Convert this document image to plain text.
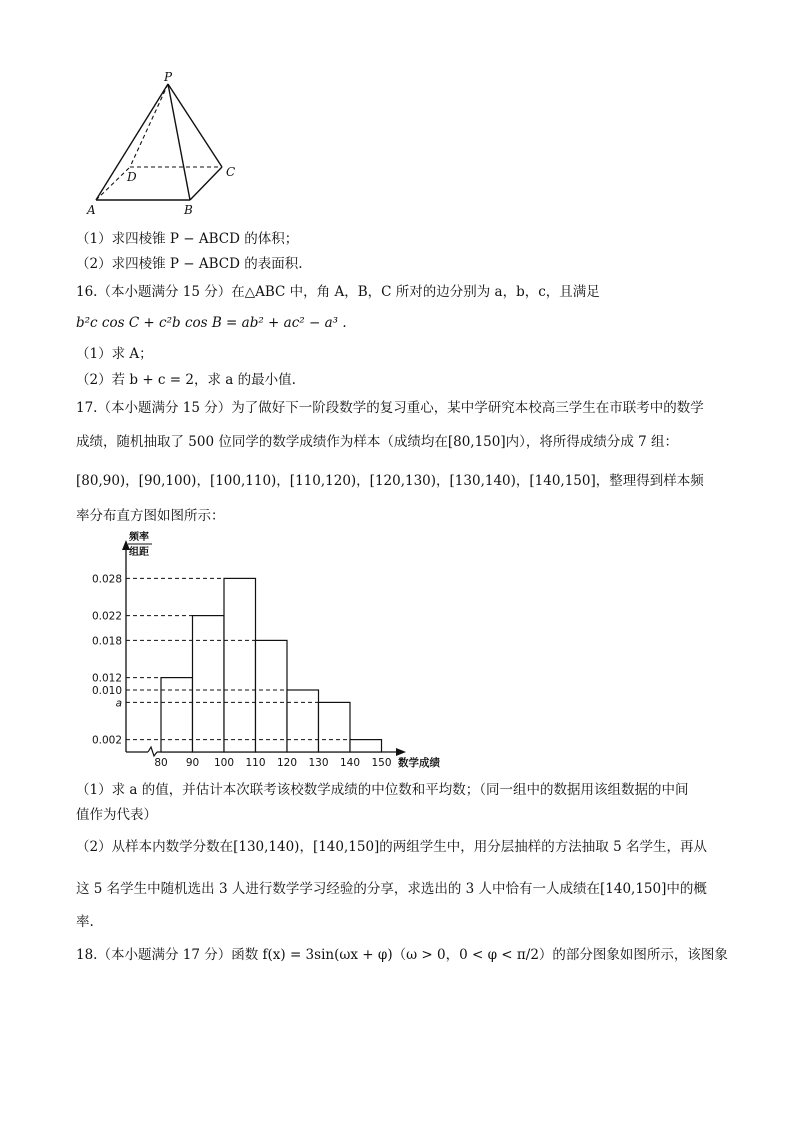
P
D	C
A	B
（1）求四棱锥 P − ABCD 的体积；
（2）求四棱锥 P − ABCD 的表面积.
16.（本小题满分 15 分）在△ABC 中，角 A，B，C 所对的边分别为 a，b，c，且满足
b²c cos C + c²b cos B = ab² + ac² − a³ .
（1）求 A；
（2）若 b + c = 2，求 a 的最小值.
17.（本小题满分 15 分）为了做好下一阶段数学的复习重心，某中学研究本校高三学生在市联考中的数学
成绩，随机抽取了 500 位同学的数学成绩作为样本（成绩均在[80,150]内），将所得成绩分成 7 组：
[80,90)，[90,100)，[100,110)，[110,120)，[120,130)，[130,140)，[140,150]，整理得到样本频
率分布直方图如图所示：
频率
组距
数学成绩
0.028
0.022
0.018
0.012
0.010
a
0.002
80 90 100 110 120 130 140 150
（1）求 a 的值，并估计本次联考该校数学成绩的中位数和平均数；（同一组中的数据用该组数据的中间
值作为代表）
（2）从样本内数学分数在[130,140)，[140,150]的两组学生中，用分层抽样的方法抽取 5 名学生，再从
这 5 名学生中随机选出 3 人进行数学学习经验的分享，求选出的 3 人中恰有一人成绩在[140,150]中的概
率.
18.（本小题满分 17 分）函数 f(x) = 3sin(ωx + φ)（ω > 0，0 < φ < π/2）的部分图象如图所示，该图象
